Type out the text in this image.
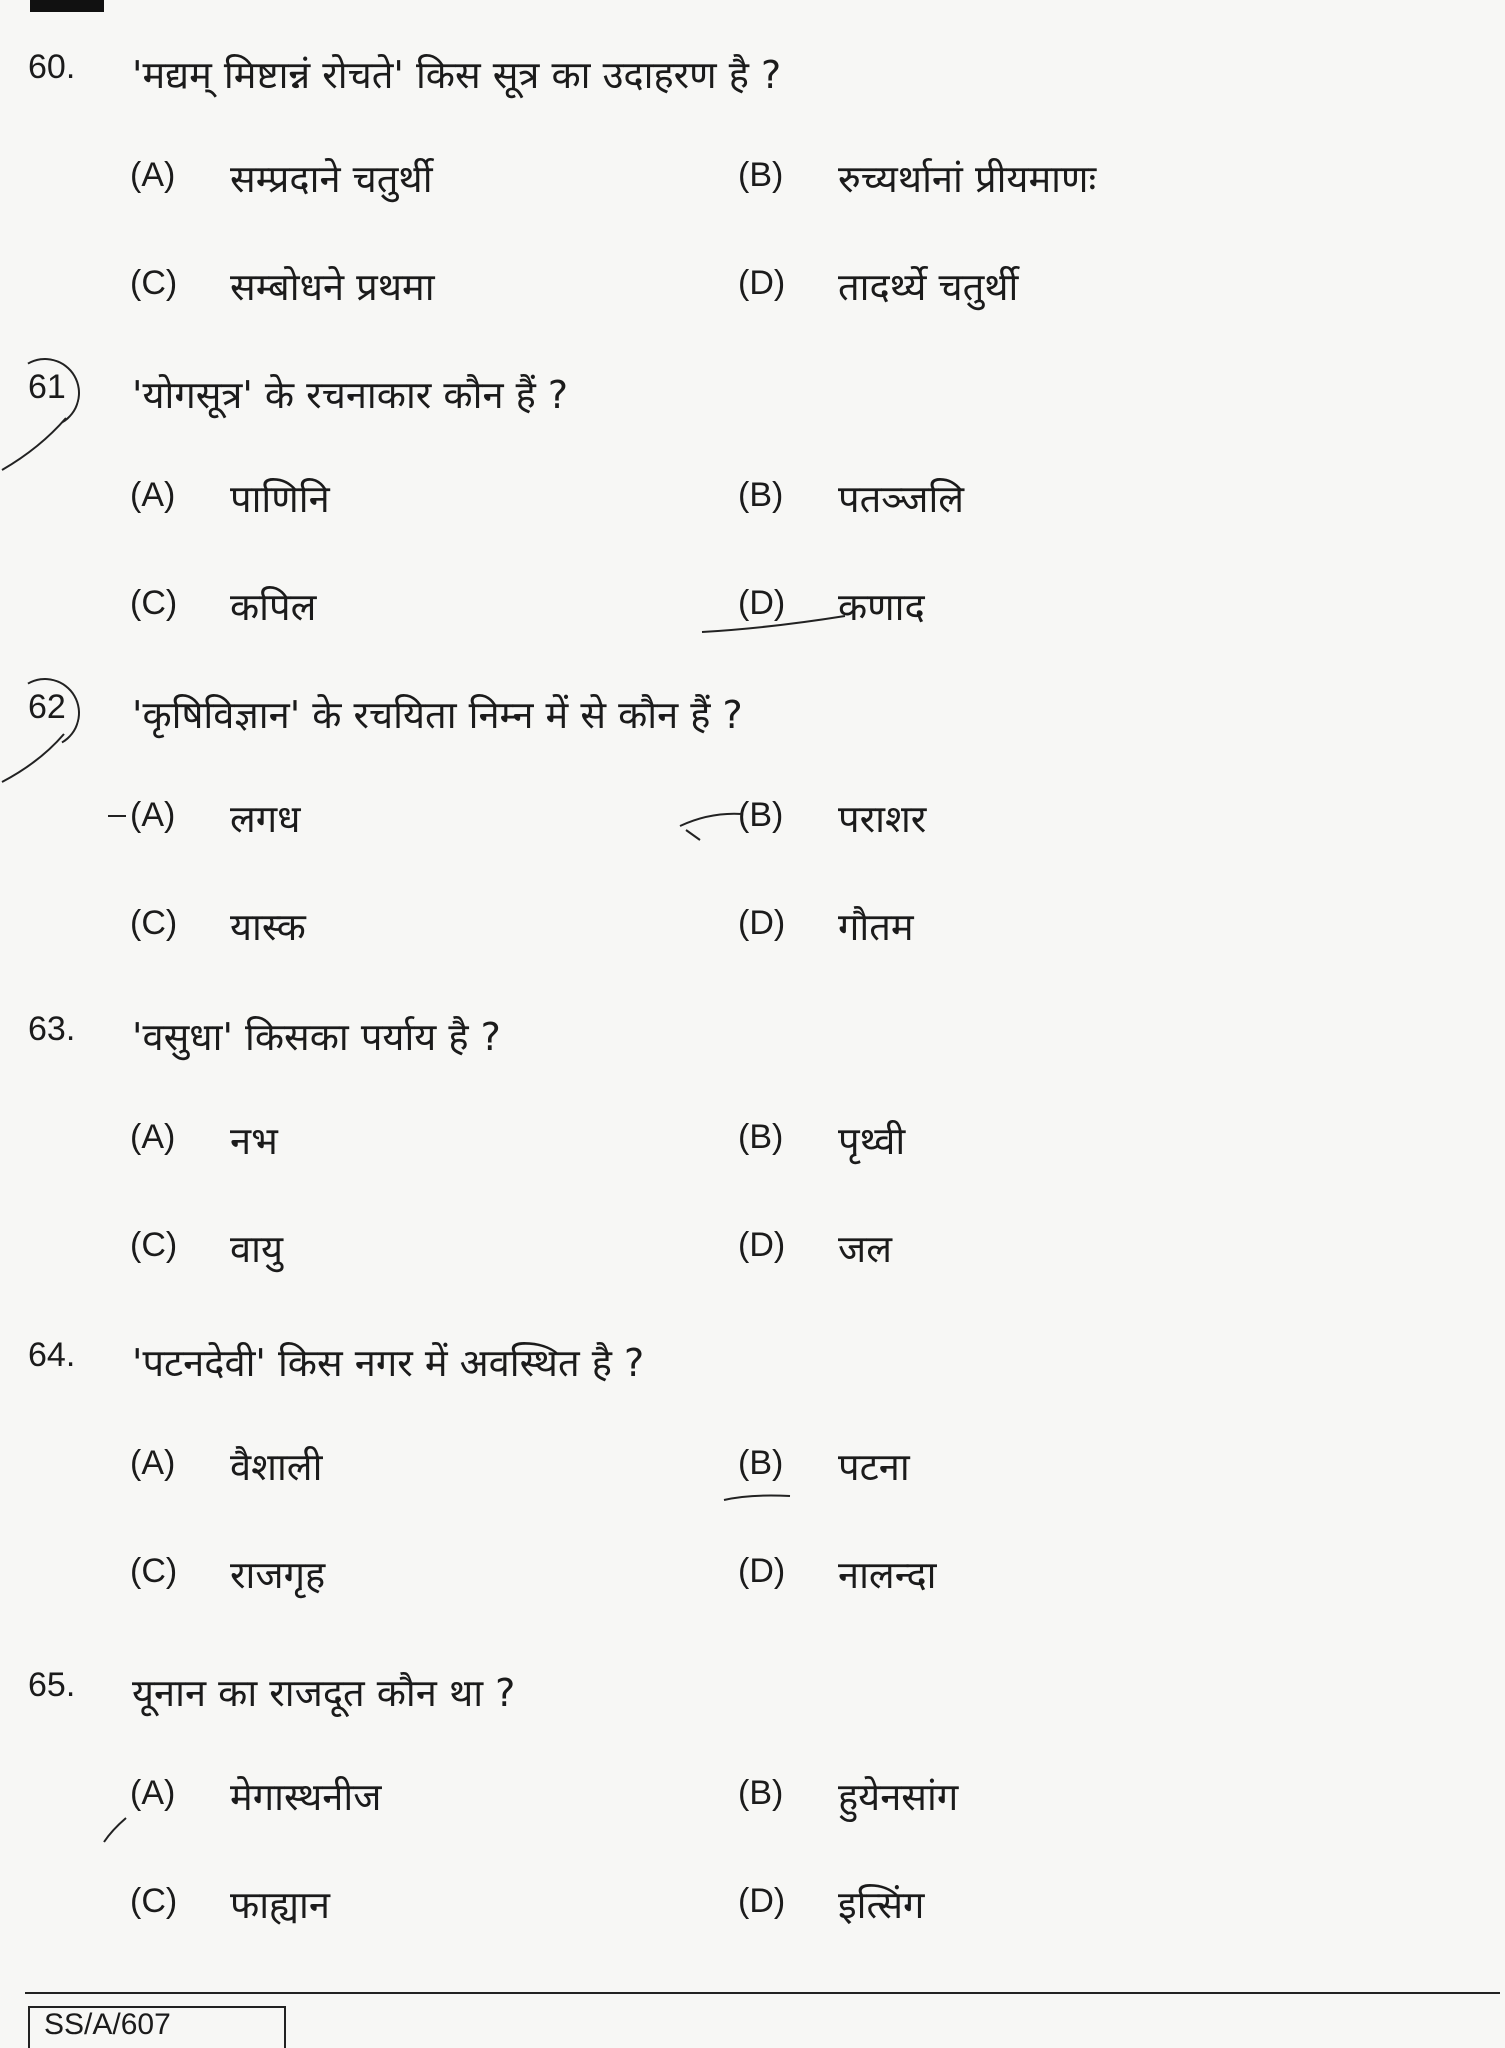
60. 'मद्यम् मिष्टान्नं रोचते' किस सूत्र का उदाहरण है ?
(A) सम्प्रदाने चतुर्थी	(B) रुच्यर्थानां प्रीयमाणः
(C) सम्बोधने प्रथमा	(D) तादर्थ्ये चतुर्थी
61 'योगसूत्र' के रचनाकार कौन हैं ?
(A) पाणिनि	(B) पतञ्जलि
(C) कपिल	(D) कणाद
62 'कृषिविज्ञान' के रचयिता निम्न में से कौन हैं ?
(A) लगध	(B) पराशर
(C) यास्क	(D) गौतम
63. 'वसुधा' किसका पर्याय है ?
(A) नभ	(B) पृथ्वी
(C) वायु	(D) जल
64. 'पटनदेवी' किस नगर में अवस्थित है ?
(A) वैशाली	(B) पटना
(C) राजगृह	(D) नालन्दा
65. यूनान का राजदूत कौन था ?
(A) मेगास्थनीज	(B) हुयेनसांग
(C) फाह्यान	(D) इत्सिंग
SS/A/607
